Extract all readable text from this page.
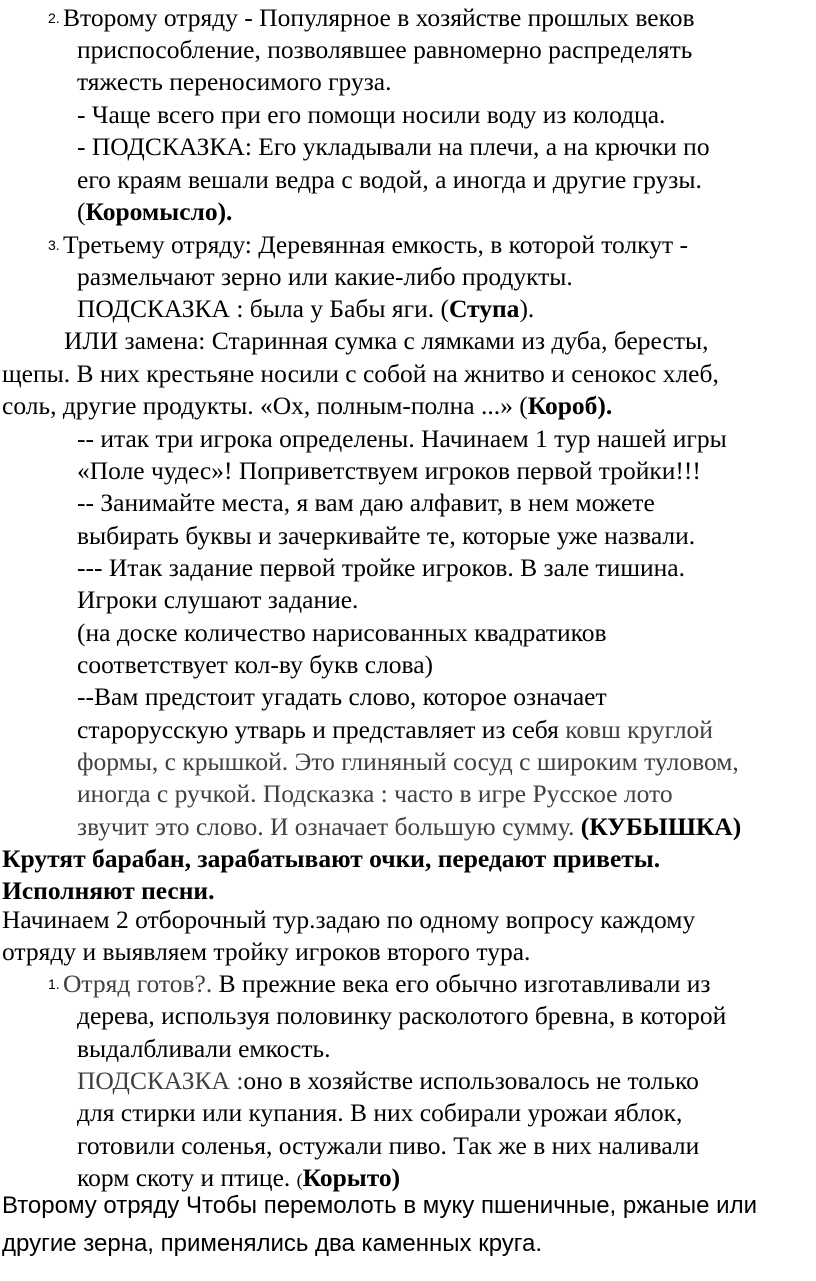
2. Второму отряду - Популярное в хозяйстве прошлых веков
приспособление, позволявшее равномерно распределять
тяжесть переносимого груза.
- Чаще всего при его помощи носили воду из колодца.
- ПОДСКАЗКА: Его укладывали на плечи, а на крючки по
его краям вешали ведра с водой, а иногда и другие грузы.
(Коромысло).
3. Третьему отряду: Деревянная емкость, в которой толкут -
размельчают зерно или какие-либо продукты.
ПОДСКАЗКА : была у Бабы яги. (Ступа).
ИЛИ замена: Старинная сумка с лямками из дуба, бересты,
щепы. В них крестьяне носили с собой на жнитво и сенокос хлеб,
соль, другие продукты. «Ох, полным-полна ...» (Короб).
-- итак три игрока определены. Начинаем 1 тур нашей игры
«Поле чудес»! Поприветствуем игроков первой тройки!!!
-- Занимайте места, я вам даю алфавит, в нем можете
выбирать буквы и зачеркивайте те, которые уже назвали.
--- Итак задание первой тройке игроков. В зале тишина.
Игроки слушают задание.
(на доске количество нарисованных квадратиков
соответствует кол-ву букв слова)
--Вам предстоит угадать слово, которое означает
старорусскую утварь и представляет из себя ковш круглой
формы, с крышкой. Это глиняный сосуд с широким туловом,
иногда с ручкой. Подсказка : часто в игре Русское лото
звучит это слово. И означает большую сумму. (КУБЫШКА)
Крутят барабан, зарабатывают очки, передают приветы.
Исполняют песни.
Начинаем 2 отборочный тур.задаю по одному вопросу каждому
отряду и выявляем тройку игроков второго тура.
1. Отряд готов?. В прежние века его обычно изготавливали из
дерева, используя половинку расколотого бревна, в которой
выдалбливали емкость.
ПОДСКАЗКА :оно в хозяйстве использовалось не только
для стирки или купания. В них собирали урожаи яблок,
готовили соленья, остужали пиво. Так же в них наливали
корм скоту и птице. (Корыто)
Второму отряду Чтобы перемолоть в муку пшеничные, ржаные или
другие зерна, применялись два каменных круга.
